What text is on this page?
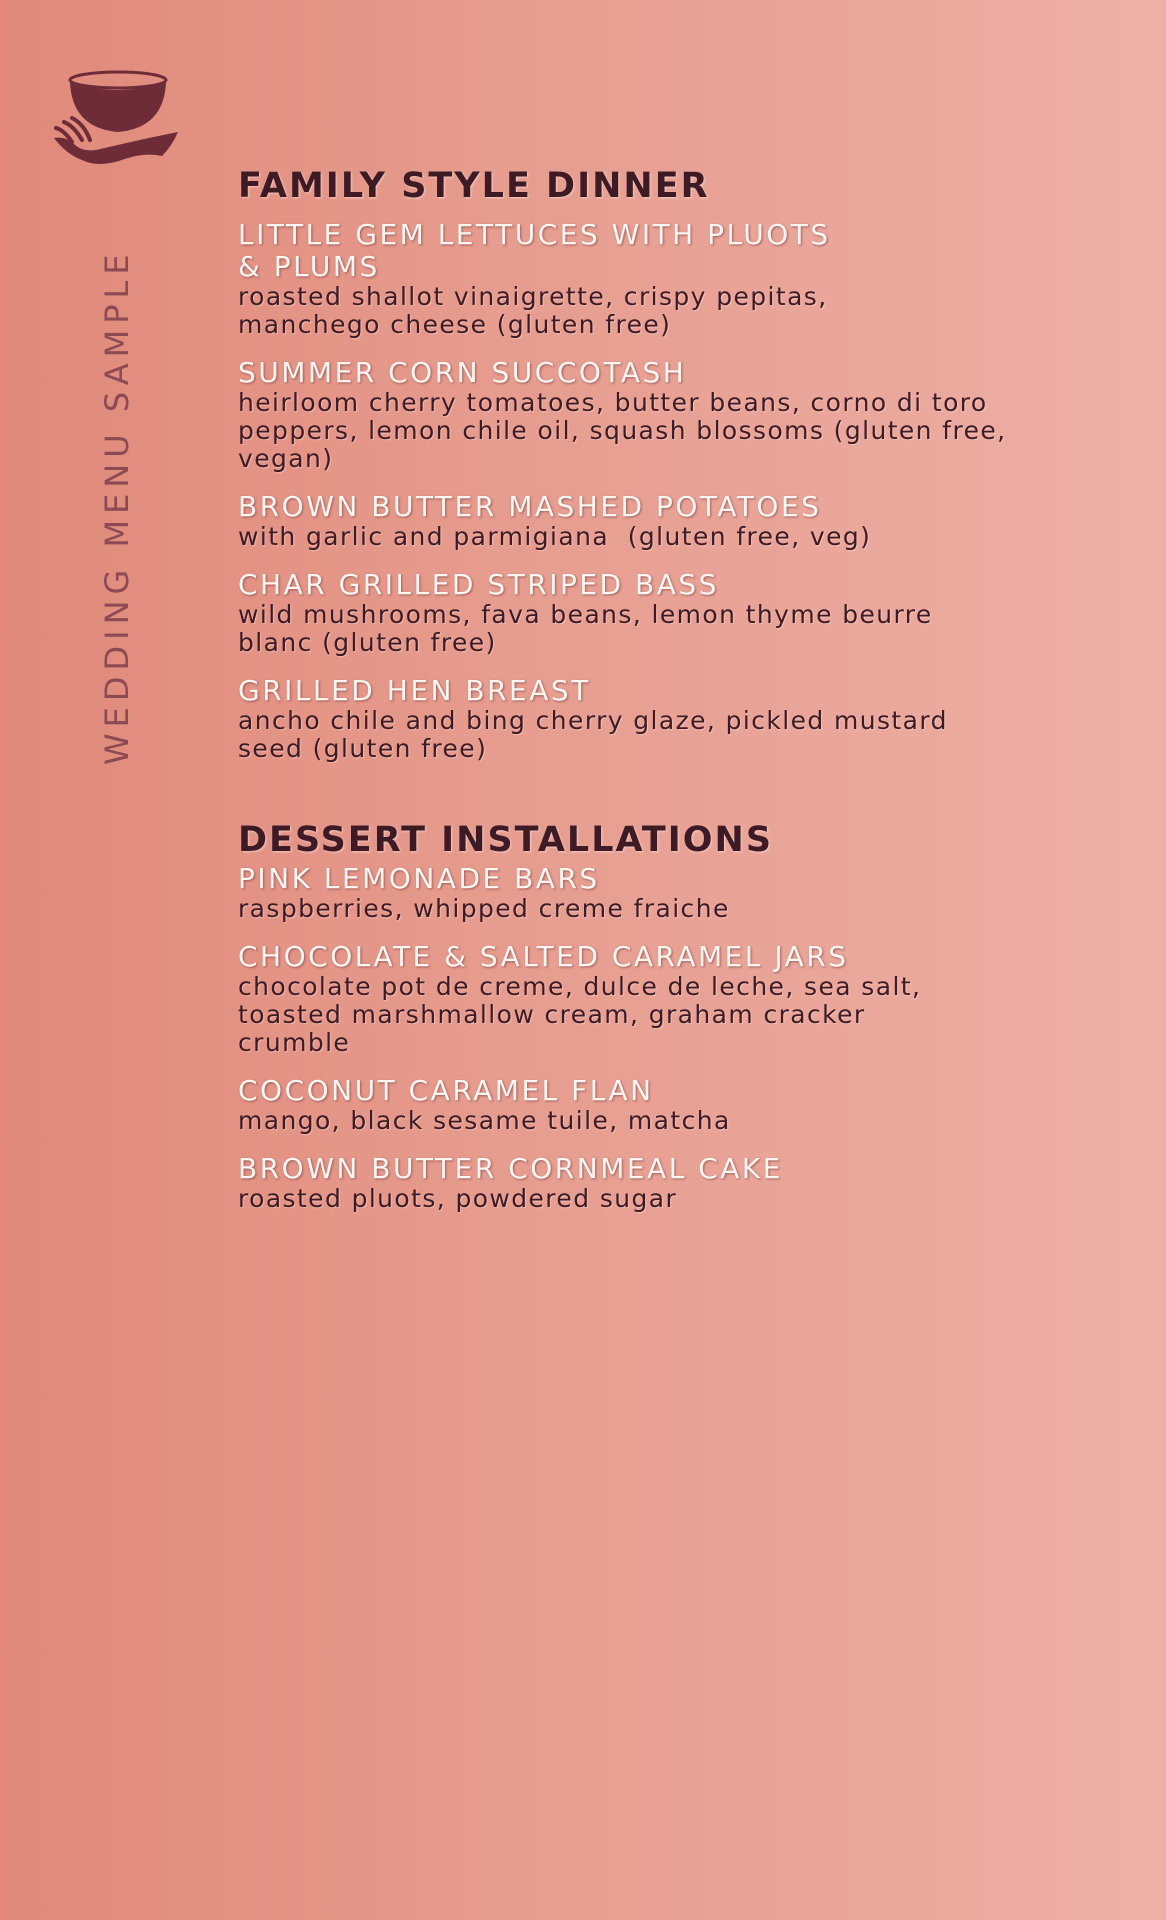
WEDDING MENU SAMPLE
FAMILY STYLE DINNER
LITTLE GEM LETTUCES WITH PLUOTS & PLUMS
roasted shallot vinaigrette, crispy pepitas, manchego cheese (gluten free)
SUMMER CORN SUCCOTASH
heirloom cherry tomatoes, butter beans, corno di toro peppers, lemon chile oil, squash blossoms (gluten free, vegan)
BROWN BUTTER MASHED POTATOES
with garlic and parmigiana  (gluten free, veg)
CHAR GRILLED STRIPED BASS
wild mushrooms, fava beans, lemon thyme beurre blanc (gluten free)
GRILLED HEN BREAST
ancho chile and bing cherry glaze, pickled mustard seed (gluten free)
DESSERT INSTALLATIONS
PINK LEMONADE BARS
raspberries, whipped creme fraiche
CHOCOLATE & SALTED CARAMEL JARS
chocolate pot de creme, dulce de leche, sea salt, toasted marshmallow cream, graham cracker crumble
COCONUT CARAMEL FLAN
mango, black sesame tuile, matcha
BROWN BUTTER CORNMEAL CAKE
roasted pluots, powdered sugar
